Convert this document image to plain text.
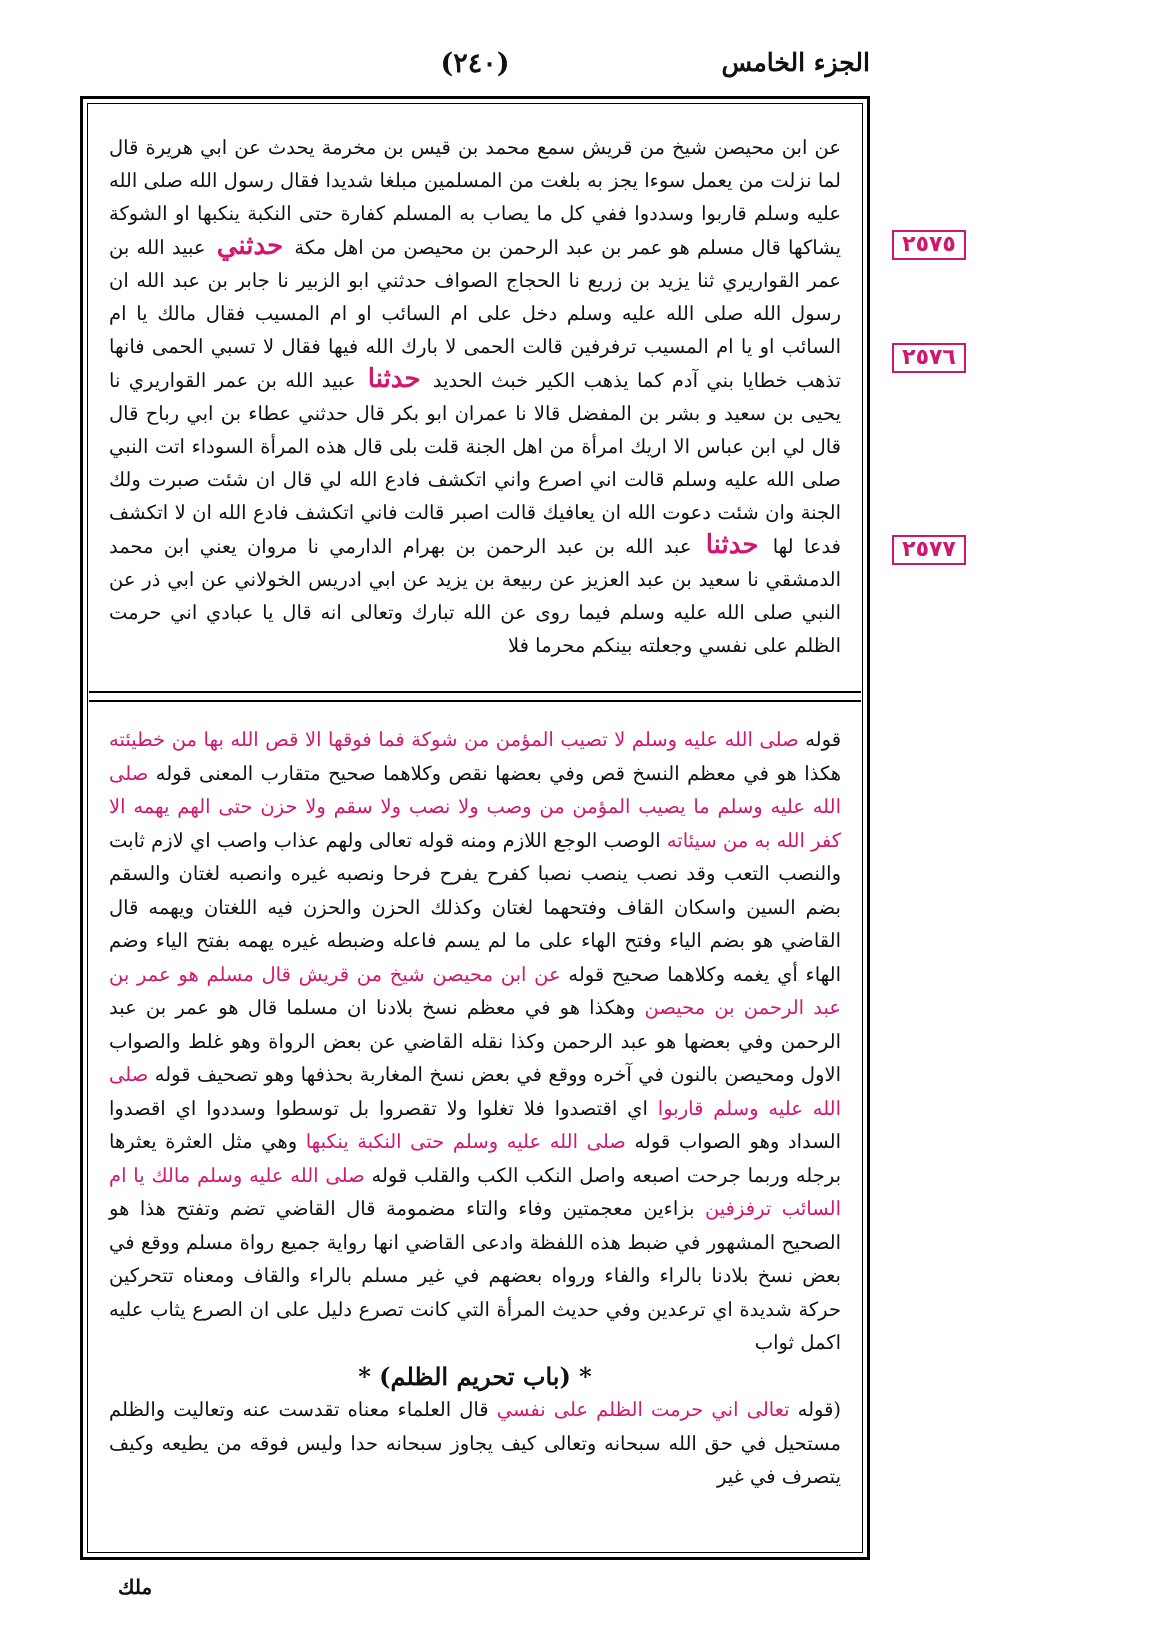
الجزء الخامس
(٢٤٠)

عن ابن محيصن شيخ من قريش سمع محمد بن قيس بن مخرمة يحدث عن ابي هريرة قال لما نزلت من يعمل سوءا يجز به بلغت من المسلمين مبلغا شديدا فقال رسول الله صلى الله عليه وسلم قاربوا وسددوا ففي كل ما يصاب به المسلم كفارة حتى النكبة ينكبها او الشوكة يشاكها قال مسلم هو عمر بن عبد الرحمن بن محيصن من اهل مكة حدثني عبيد الله بن عمر القواريري ثنا يزيد بن زريع نا الحجاج الصواف حدثني ابو الزبير نا جابر بن عبد الله ان رسول الله صلى الله عليه وسلم دخل على ام السائب او ام المسيب فقال مالك يا ام السائب او يا ام المسيب ترفرفين قالت الحمى لا بارك الله فيها فقال لا تسبي الحمى فانها تذهب خطايا بني آدم كما يذهب الكير خبث الحديد حدثنا عبيد الله بن عمر القواريري نا يحيى بن سعيد و بشر بن المفضل قالا نا عمران ابو بكر قال حدثني عطاء بن ابي رباح قال قال لي ابن عباس الا اريك امرأة من اهل الجنة قلت بلى قال هذه المرأة السوداء اتت النبي صلى الله عليه وسلم قالت اني اصرع واني اتكشف فادع الله لي قال ان شئت صبرت ولك الجنة وان شئت دعوت الله ان يعافيك قالت اصبر قالت فاني اتكشف فادع الله ان لا اتكشف فدعا لها حدثنا عبد الله بن عبد الرحمن بن بهرام الدارمي نا مروان يعني ابن محمد الدمشقي نا سعيد بن عبد العزيز عن ربيعة بن يزيد عن ابي ادريس الخولاني عن ابي ذر عن النبي صلى الله عليه وسلم فيما روى عن الله تبارك وتعالى انه قال يا عبادي اني حرمت الظلم على نفسي وجعلته بينكم محرما فلا

قوله صلى الله عليه وسلم لا تصيب المؤمن من شوكة فما فوقها الا قص الله بها من خطيئته هكذا هو في معظم النسخ قص وفي بعضها نقص وكلاهما صحيح متقارب المعنى قوله صلى الله عليه وسلم ما يصيب المؤمن من وصب ولا نصب ولا سقم ولا حزن حتى الهم يهمه الا كفر الله به من سيئاته الوصب الوجع اللازم ومنه قوله تعالى ولهم عذاب واصب اي لازم ثابت والنصب التعب وقد نصب ينصب نصبا كفرح يفرح فرحا ونصبه غيره وانصبه لغتان والسقم بضم السين واسكان القاف وفتحهما لغتان وكذلك الحزن والحزن فيه اللغتان ويهمه قال القاضي هو بضم الياء وفتح الهاء على ما لم يسم فاعله وضبطه غيره يهمه بفتح الياء وضم الهاء أي يغمه وكلاهما صحيح قوله عن ابن محيصن شيخ من قريش قال مسلم هو عمر بن عبد الرحمن بن محيصن وهكذا هو في معظم نسخ بلادنا ان مسلما قال هو عمر بن عبد الرحمن وفي بعضها هو عبد الرحمن وكذا نقله القاضي عن بعض الرواة وهو غلط والصواب الاول ومحيصن بالنون في آخره ووقع في بعض نسخ المغاربة بحذفها وهو تصحيف قوله صلى الله عليه وسلم قاربوا اي اقتصدوا فلا تغلوا ولا تقصروا بل توسطوا وسددوا اي اقصدوا السداد وهو الصواب قوله صلى الله عليه وسلم حتى النكبة ينكبها وهي مثل العثرة يعثرها برجله وربما جرحت اصبعه واصل النكب الكب والقلب قوله صلى الله عليه وسلم مالك يا ام السائب ترفزفين بزاءين معجمتين وفاء والتاء مضمومة قال القاضي تضم وتفتح هذا هو الصحيح المشهور في ضبط هذه اللفظة وادعى القاضي انها رواية جميع رواة مسلم ووقع في بعض نسخ بلادنا بالراء والفاء ورواه بعضهم في غير مسلم بالراء والقاف ومعناه تتحركين حركة شديدة اي ترعدين وفي حديث المرأة التي كانت تصرع دليل على ان الصرع يثاب عليه اكمل ثواب

* (باب تحريم الظلم) *

(قوله تعالى اني حرمت الظلم على نفسي قال العلماء معناه تقدست عنه وتعاليت والظلم مستحيل في حق الله سبحانه وتعالى كيف يجاوز سبحانه حدا وليس فوقه من يطيعه وكيف يتصرف في غير

٢٥٧٥
٢٥٧٦
٢٥٧٧
ملك
